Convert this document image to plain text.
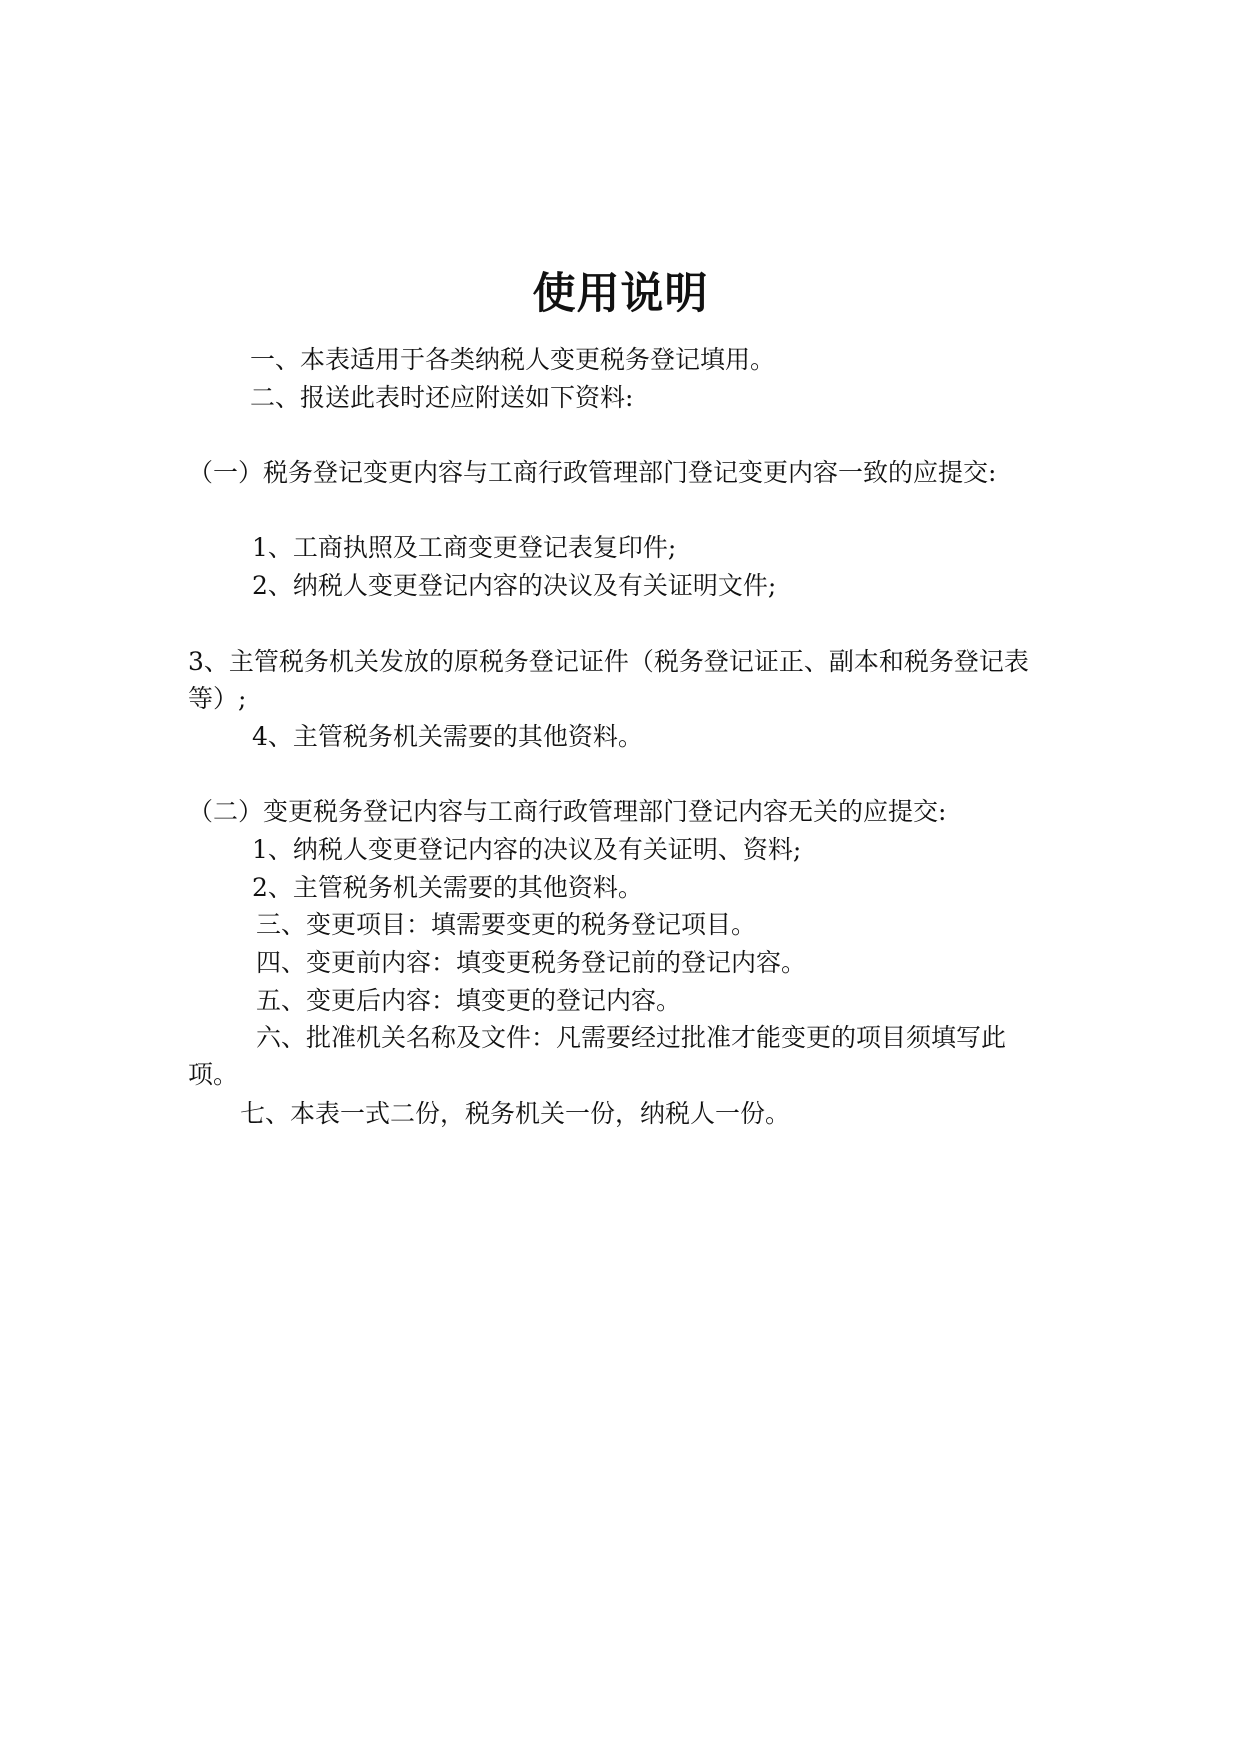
使用说明

一、本表适用于各类纳税人变更税务登记填用。

二、报送此表时还应附送如下资料:

（一）税务登记变更内容与工商行政管理部门登记变更内容一致的应提交:

1、工商执照及工商变更登记表复印件;

2、纳税人变更登记内容的决议及有关证明文件;

3、主管税务机关发放的原税务登记证件（税务登记证正、副本和税务登记表等）;

4、主管税务机关需要的其他资料。

（二）变更税务登记内容与工商行政管理部门登记内容无关的应提交:

1、纳税人变更登记内容的决议及有关证明、资料;

2、主管税务机关需要的其他资料。

三、变更项目：填需要变更的税务登记项目。

四、变更前内容：填变更税务登记前的登记内容。

五、变更后内容：填变更的登记内容。

六、批准机关名称及文件：凡需要经过批准才能变更的项目须填写此项。

七、本表一式二份，税务机关一份，纳税人一份。
